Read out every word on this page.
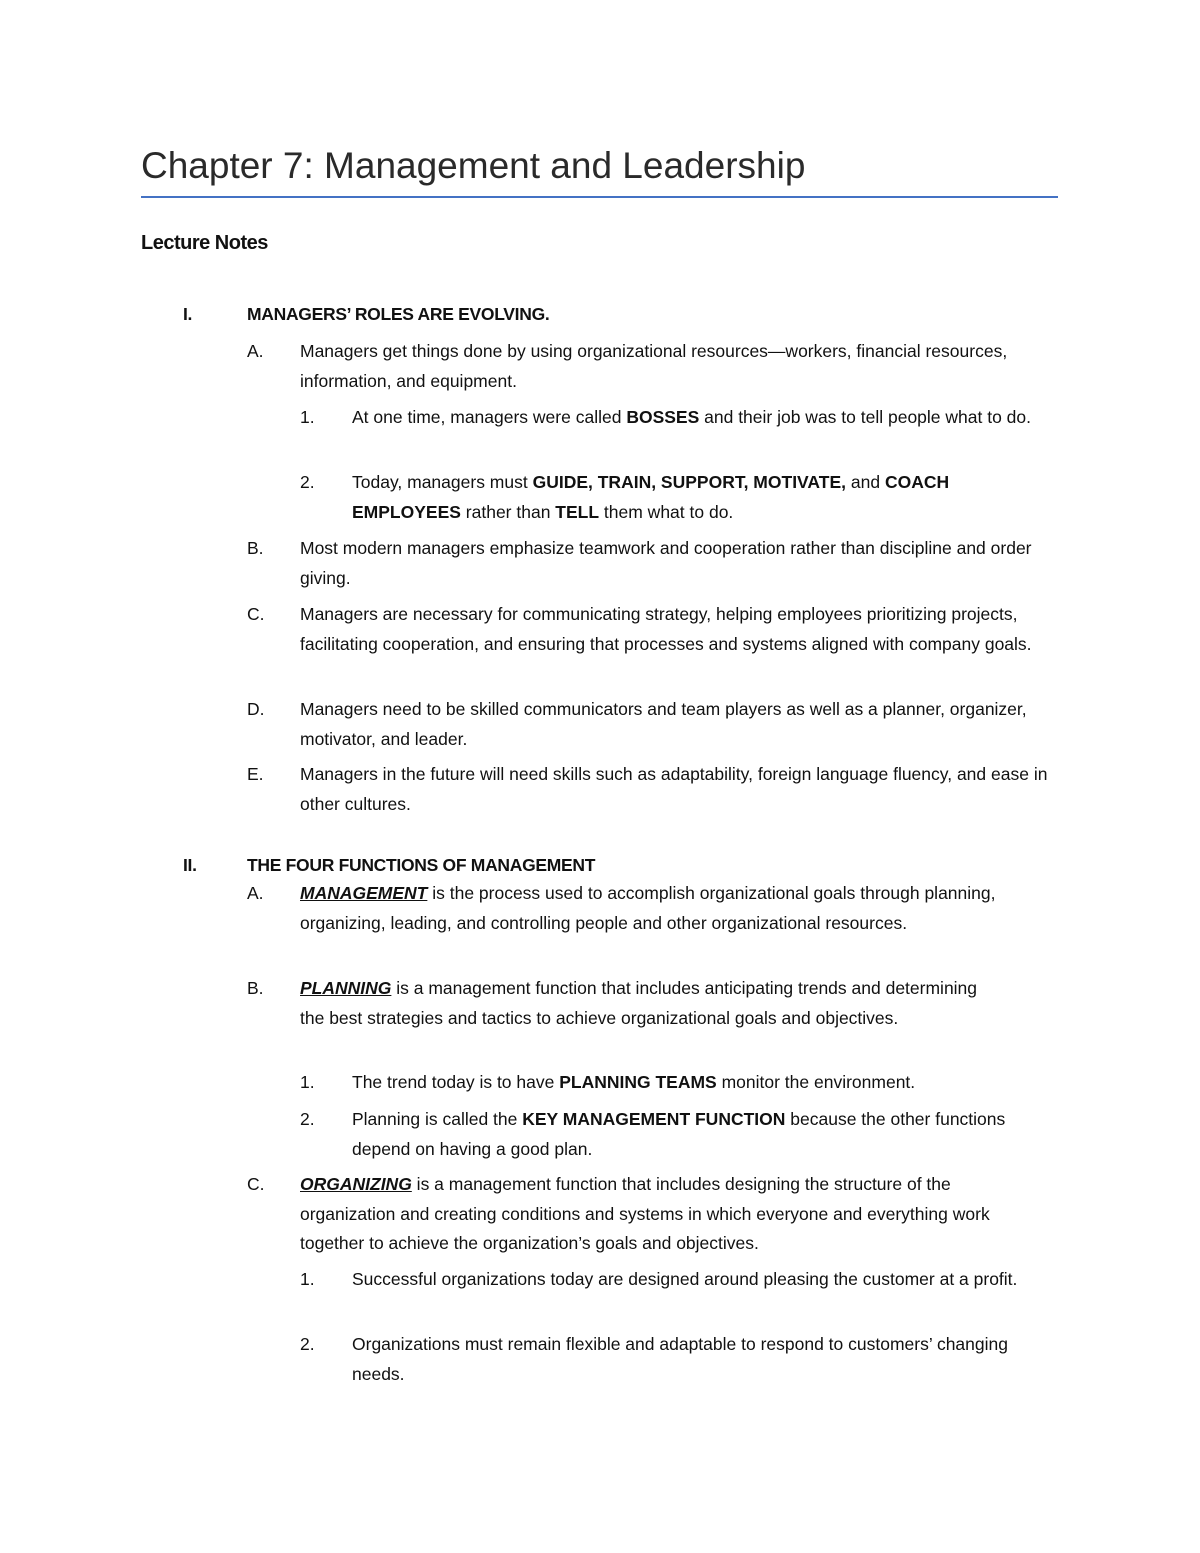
Chapter 7: Management and Leadership
Lecture Notes
I.	MANAGERS’ ROLES ARE EVOLVING.
A. Managers get things done by using organizational resources—workers, financial resources, information, and equipment.
1. At one time, managers were called BOSSES and their job was to tell people what to do.
2. Today, managers must GUIDE, TRAIN, SUPPORT, MOTIVATE, and COACH EMPLOYEES rather than TELL them what to do.
B. Most modern managers emphasize teamwork and cooperation rather than discipline and order giving.
C. Managers are necessary for communicating strategy, helping employees prioritizing projects, facilitating cooperation, and ensuring that processes and systems aligned with company goals.
D. Managers need to be skilled communicators and team players as well as a planner, organizer, motivator, and leader.
E. Managers in the future will need skills such as adaptability, foreign language fluency, and ease in other cultures.
II.	THE FOUR FUNCTIONS OF MANAGEMENT
A. MANAGEMENT is the process used to accomplish organizational goals through planning, organizing, leading, and controlling people and other organizational resources.
B. PLANNING is a management function that includes anticipating trends and determining the best strategies and tactics to achieve organizational goals and objectives.
1. The trend today is to have PLANNING TEAMS monitor the environment.
2. Planning is called the KEY MANAGEMENT FUNCTION because the other functions depend on having a good plan.
C. ORGANIZING is a management function that includes designing the structure of the organization and creating conditions and systems in which everyone and everything work together to achieve the organization’s goals and objectives.
1. Successful organizations today are designed around pleasing the customer at a profit.
2. Organizations must remain flexible and adaptable to respond to customers’ changing needs.
